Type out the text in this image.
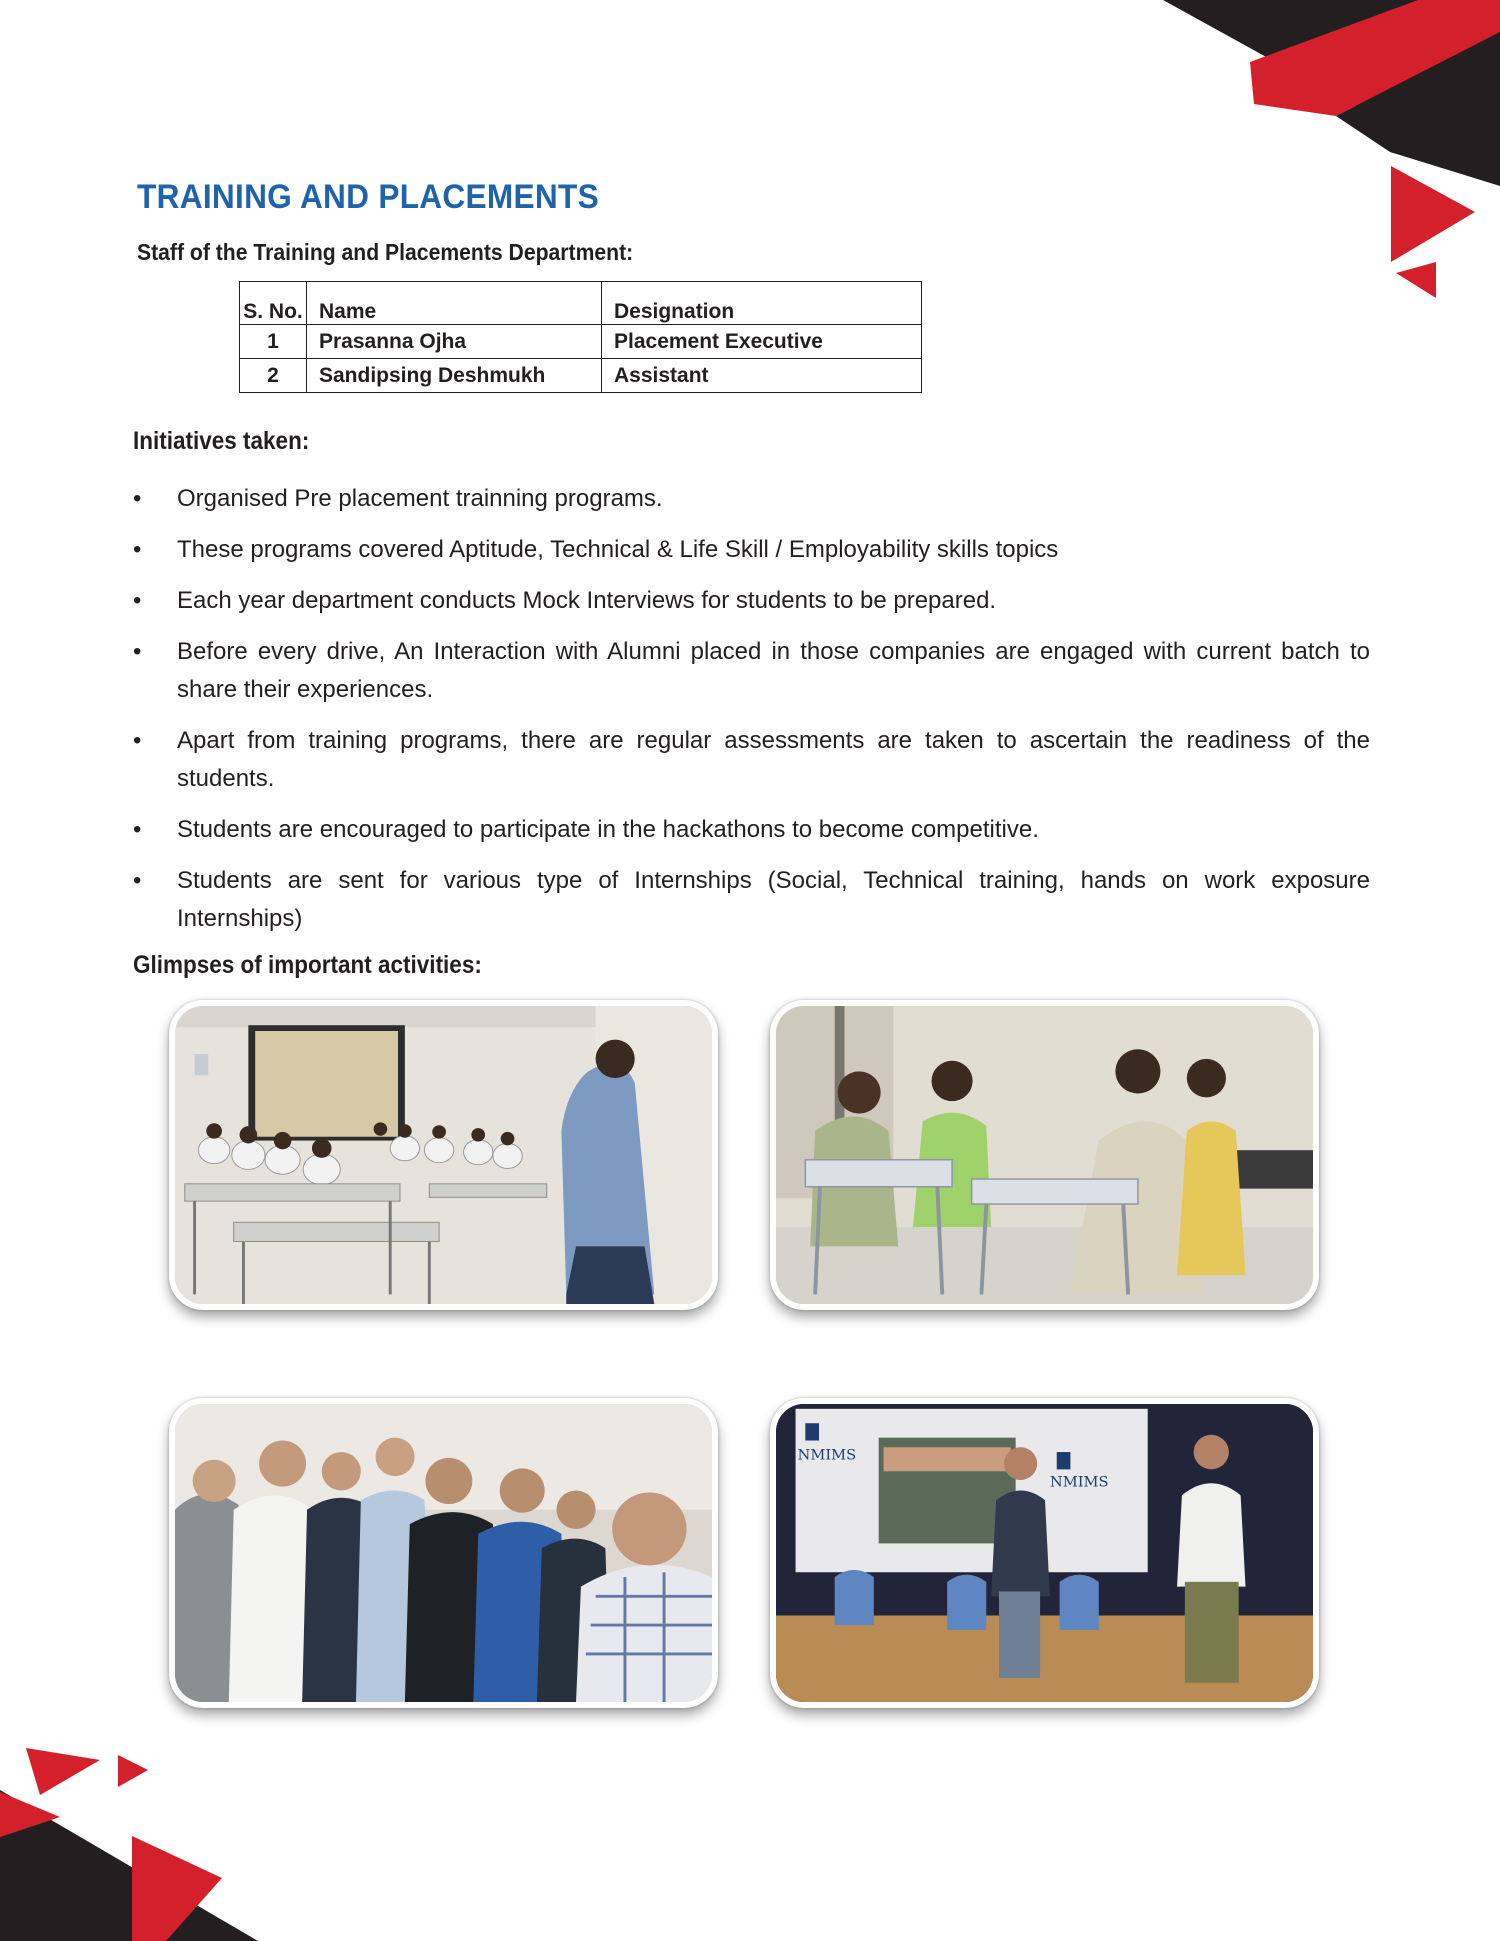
TRAINING AND PLACEMENTS
Staff of the Training and Placements Department:
S. No.	Name	Designation
1	Prasanna Ojha	Placement Executive
2	Sandipsing Deshmukh	Assistant
Initiatives taken:
•	Organised Pre placement trainning programs.
•	These programs covered Aptitude, Technical & Life Skill / Employability skills topics
•	Each year department conducts Mock Interviews for students to be prepared.
•	Before every drive, An Interaction with Alumni placed in those companies are engaged with current batch to share their experiences.
•	Apart from training programs, there are regular assessments are taken to ascertain the readiness of the students.
•	Students are encouraged to participate in the hackathons to become competitive.
•	Students are sent for various type of Internships (Social, Technical training, hands on work exposure Internships)
Glimpses of important activities:
NMIMS
NMIMS
